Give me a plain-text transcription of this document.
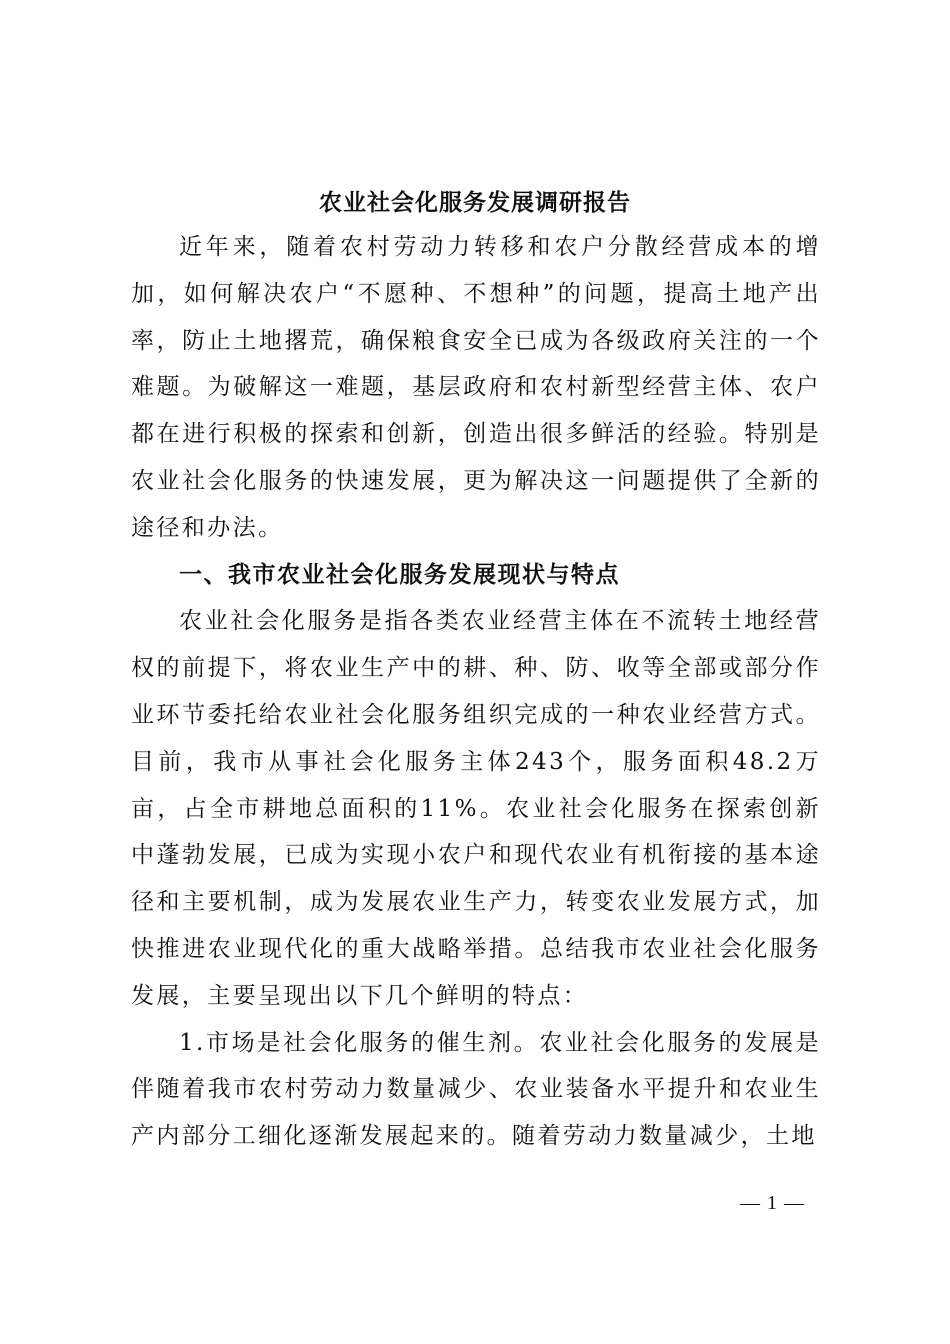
农业社会化服务发展调研报告

近年来，随着农村劳动力转移和农户分散经营成本的增加，如何解决农户“不愿种、不想种”的问题，提高土地产出率，防止土地撂荒，确保粮食安全已成为各级政府关注的一个难题。为破解这一难题，基层政府和农村新型经营主体、农户都在进行积极的探索和创新，创造出很多鲜活的经验。特别是农业社会化服务的快速发展，更为解决这一问题提供了全新的途径和办法。

一、我市农业社会化服务发展现状与特点

农业社会化服务是指各类农业经营主体在不流转土地经营权的前提下，将农业生产中的耕、种、防、收等全部或部分作业环节委托给农业社会化服务组织完成的一种农业经营方式。目前，我市从事社会化服务主体243个，服务面积48.2万亩，占全市耕地总面积的11%。农业社会化服务在探索创新中蓬勃发展，已成为实现小农户和现代农业有机衔接的基本途径和主要机制，成为发展农业生产力，转变农业发展方式，加快推进农业现代化的重大战略举措。总结我市农业社会化服务发展，主要呈现出以下几个鲜明的特点：

1.市场是社会化服务的催生剂。农业社会化服务的发展是伴随着我市农村劳动力数量减少、农业装备水平提升和农业生产内部分工细化逐渐发展起来的。随着劳动力数量减少，土地

— 1 —
